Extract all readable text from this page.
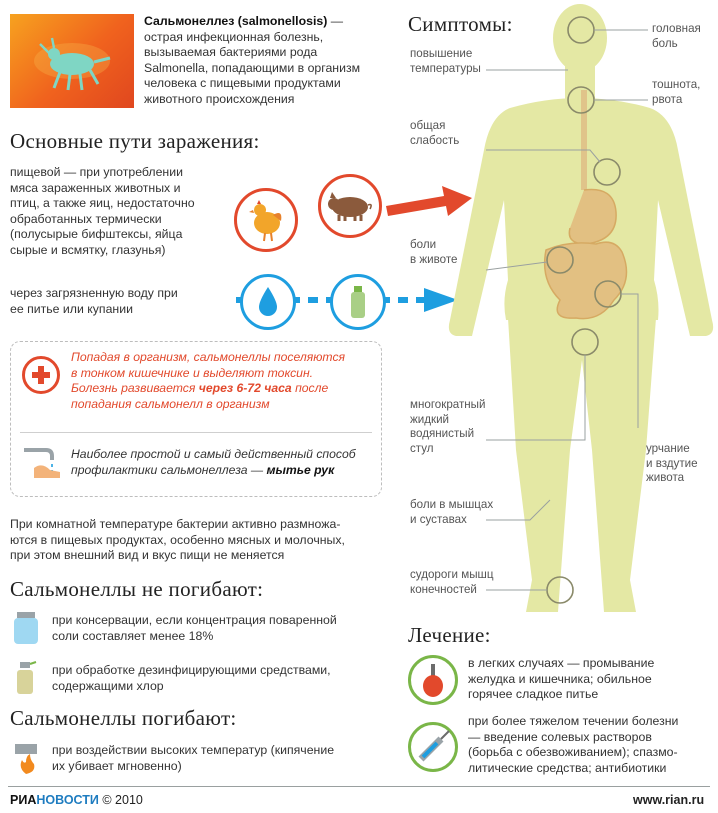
Сальмонеллез (salmonellosis) — острая инфекционная болезнь,
вызываемая бактериями рода
Salmonella, попадающими в организм
человека с пищевыми продуктами
животного происхождения
Основные пути заражения:
пищевой — при употреблении
мяса зараженных животных и
птиц, а также яиц, недостаточно
обработанных термически
(полусырые бифштексы, яйца
сырые и всмятку, глазунья)
через загрязненную воду при
ее питье или купании
Попадая в организм, сальмонеллы поселяются
в тонком кишечнике и выделяют токсин.
Болезнь развивается через 6-72 часа после
попадания сальмонелл в организм
Наиболее простой и самый действенный способ
профилактики сальмонеллеза — мытье рук
При комнатной температуре бактерии активно размножа-
ются в пищевых продуктах, особенно мясных и молочных,
при этом внешний вид и вкус пищи не меняется
Сальмонеллы не погибают:
при консервации, если концентрация поваренной
соли составляет менее 18%
при обработке дезинфицирующими средствами,
содержащими хлор
Сальмонеллы погибают:
при воздействии высоких температур (кипячение
их убивает мгновенно)
Симптомы:
повышение
температуры
общая
слабость
боли
в животе
многократный
жидкий
водянистый
стул
боли в мышцах
и суставах
судороги мышц
конечностей
головная
боль
тошнота,
рвота
урчание
и вздутие
живота
Лечение:
в легких случаях — промывание
желудка и кишечника; обильное
горячее сладкое питье
при более тяжелом течении болезни
— введение солевых растворов
(борьба с обезвоживанием); спазмо-
литические средства; антибиотики
РИАНОВОСТИ © 2010	www.rian.ru
